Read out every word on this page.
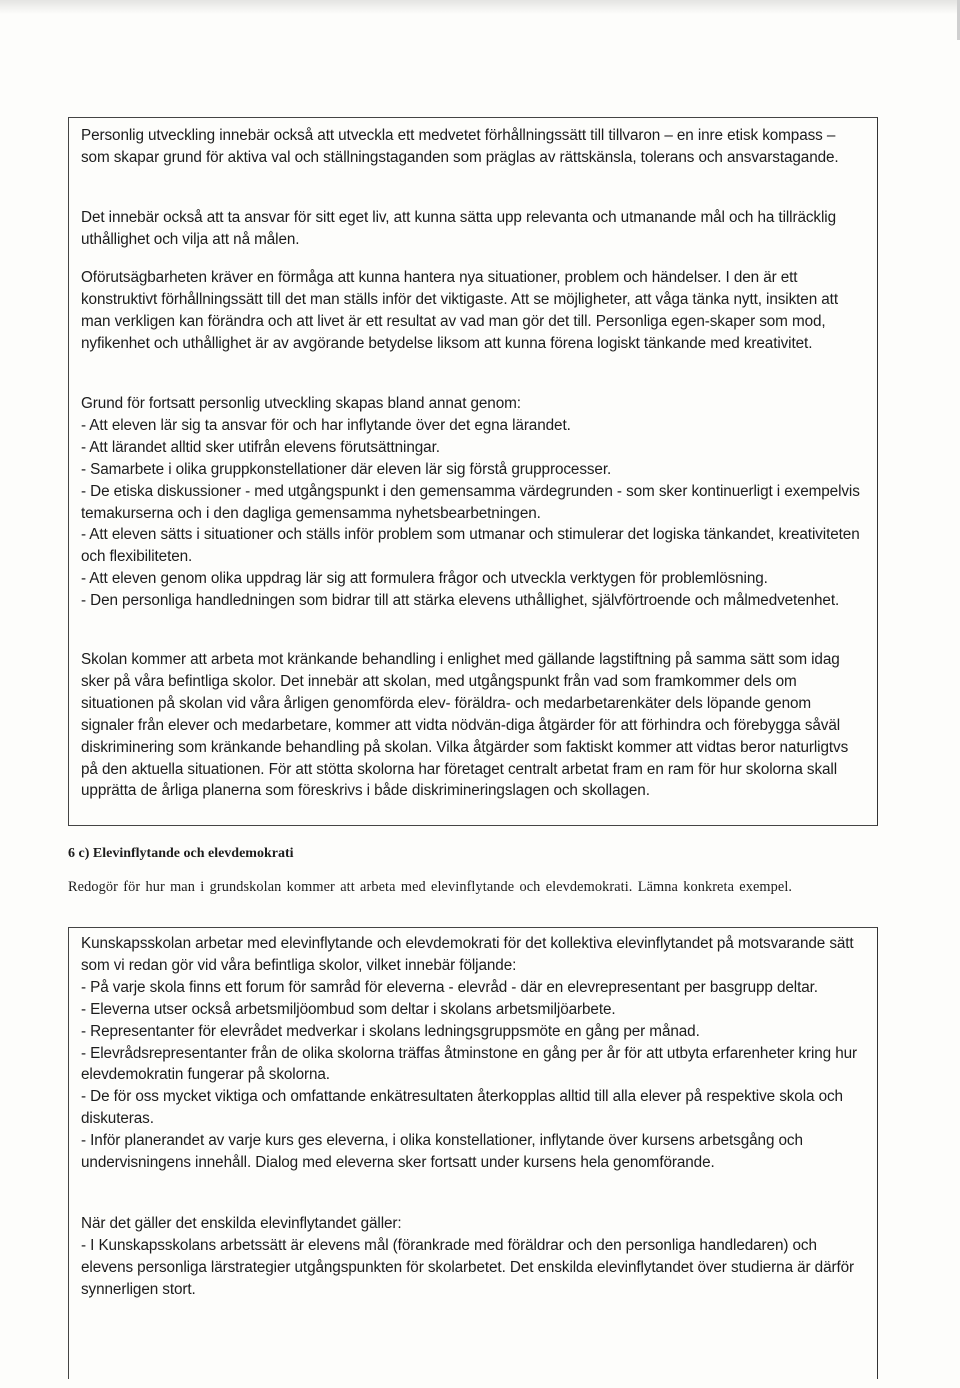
Personlig utveckling innebär också att utveckla ett medvetet förhållningssätt till tillvaron – en inre etisk kompass – som skapar grund för aktiva val och ställningstaganden som präglas av rättskänsla, tolerans och ansvarstagande.

Det innebär också att ta ansvar för sitt eget liv, att kunna sätta upp relevanta och utmanande mål och ha tillräcklig uthållighet och vilja att nå målen.

Oförutsägbarheten kräver en förmåga att kunna hantera nya situationer, problem och händelser. I den är ett konstruktivt förhållningssätt till det man ställs inför det viktigaste. Att se möjligheter, att våga tänka nytt, insikten att man verkligen kan förändra och att livet är ett resultat av vad man gör det till. Personliga egen-skaper som mod, nyfikenhet och uthållighet är av avgörande betydelse liksom att kunna förena logiskt tänkande med kreativitet.

Grund för fortsatt personlig utveckling skapas bland annat genom:

- Att eleven lär sig ta ansvar för och har inflytande över det egna lärandet.

- Att lärandet alltid sker utifrån elevens förutsättningar.

- Samarbete i olika gruppkonstellationer där eleven lär sig förstå grupprocesser.

- De etiska diskussioner - med utgångspunkt i den gemensamma värdegrunden - som sker kontinuerligt i exempelvis temakurserna och i den dagliga gemensamma nyhetsbearbetningen.

- Att eleven sätts i situationer och ställs inför problem som utmanar och stimulerar det logiska tänkandet, kreativiteten och flexibiliteten.

- Att eleven genom olika uppdrag lär sig att formulera frågor och utveckla verktygen för problemlösning.

- Den personliga handledningen som bidrar till att stärka elevens uthållighet, självförtroende och målmedvetenhet.

Skolan kommer att arbeta mot kränkande behandling i enlighet med gällande lagstiftning på samma sätt som idag sker på våra befintliga skolor. Det innebär att skolan, med utgångspunkt från vad som framkommer dels om situationen på skolan vid våra årligen genomförda elev- föräldra- och medarbetarenkäter dels löpande genom signaler från elever och medarbetare, kommer att vidta nödvän-diga åtgärder för att förhindra och förebygga såväl diskriminering som kränkande behandling på skolan. Vilka åtgärder som faktiskt kommer att vidtas beror naturligtvs på den aktuella situationen. För att stötta skolorna har företaget centralt arbetat fram en ram för hur skolorna skall upprätta de årliga planerna som föreskrivs i både diskrimineringslagen och skollagen.

6 c) Elevinflytande och elevdemokrati

Redogör för hur man i grundskolan kommer att arbeta med elevinflytande och elevdemokrati. Lämna konkreta exempel.

Kunskapsskolan arbetar med elevinflytande och elevdemokrati för det kollektiva elevinflytandet på motsvarande sätt som vi redan gör vid våra befintliga skolor, vilket innebär följande:

- På varje skola finns ett forum för samråd för eleverna - elevråd - där en elevrepresentant per basgrupp deltar.

- Eleverna utser också arbetsmiljöombud som deltar i skolans arbetsmiljöarbete.

- Representanter för elevrådet medverkar i skolans ledningsgruppsmöte en gång per månad.

- Elevrådsrepresentanter från de olika skolorna träffas åtminstone en gång per år för att utbyta erfarenheter kring hur elevdemokratin fungerar på skolorna.

- De för oss mycket viktiga och omfattande enkätresultaten återkopplas alltid till alla elever på respektive skola och diskuteras.

- Inför planerandet av varje kurs ges eleverna, i olika konstellationer, inflytande över kursens arbetsgång och undervisningens innehåll. Dialog med eleverna sker fortsatt under kursens hela genomförande.

När det gäller det enskilda elevinflytandet gäller:

- I Kunskapsskolans arbetssätt är elevens mål (förankrade med föräldrar och den personliga handledaren) och elevens personliga lärstrategier utgångspunkten för skolarbetet. Det enskilda elevinflytandet över studierna är därför synnerligen stort.
